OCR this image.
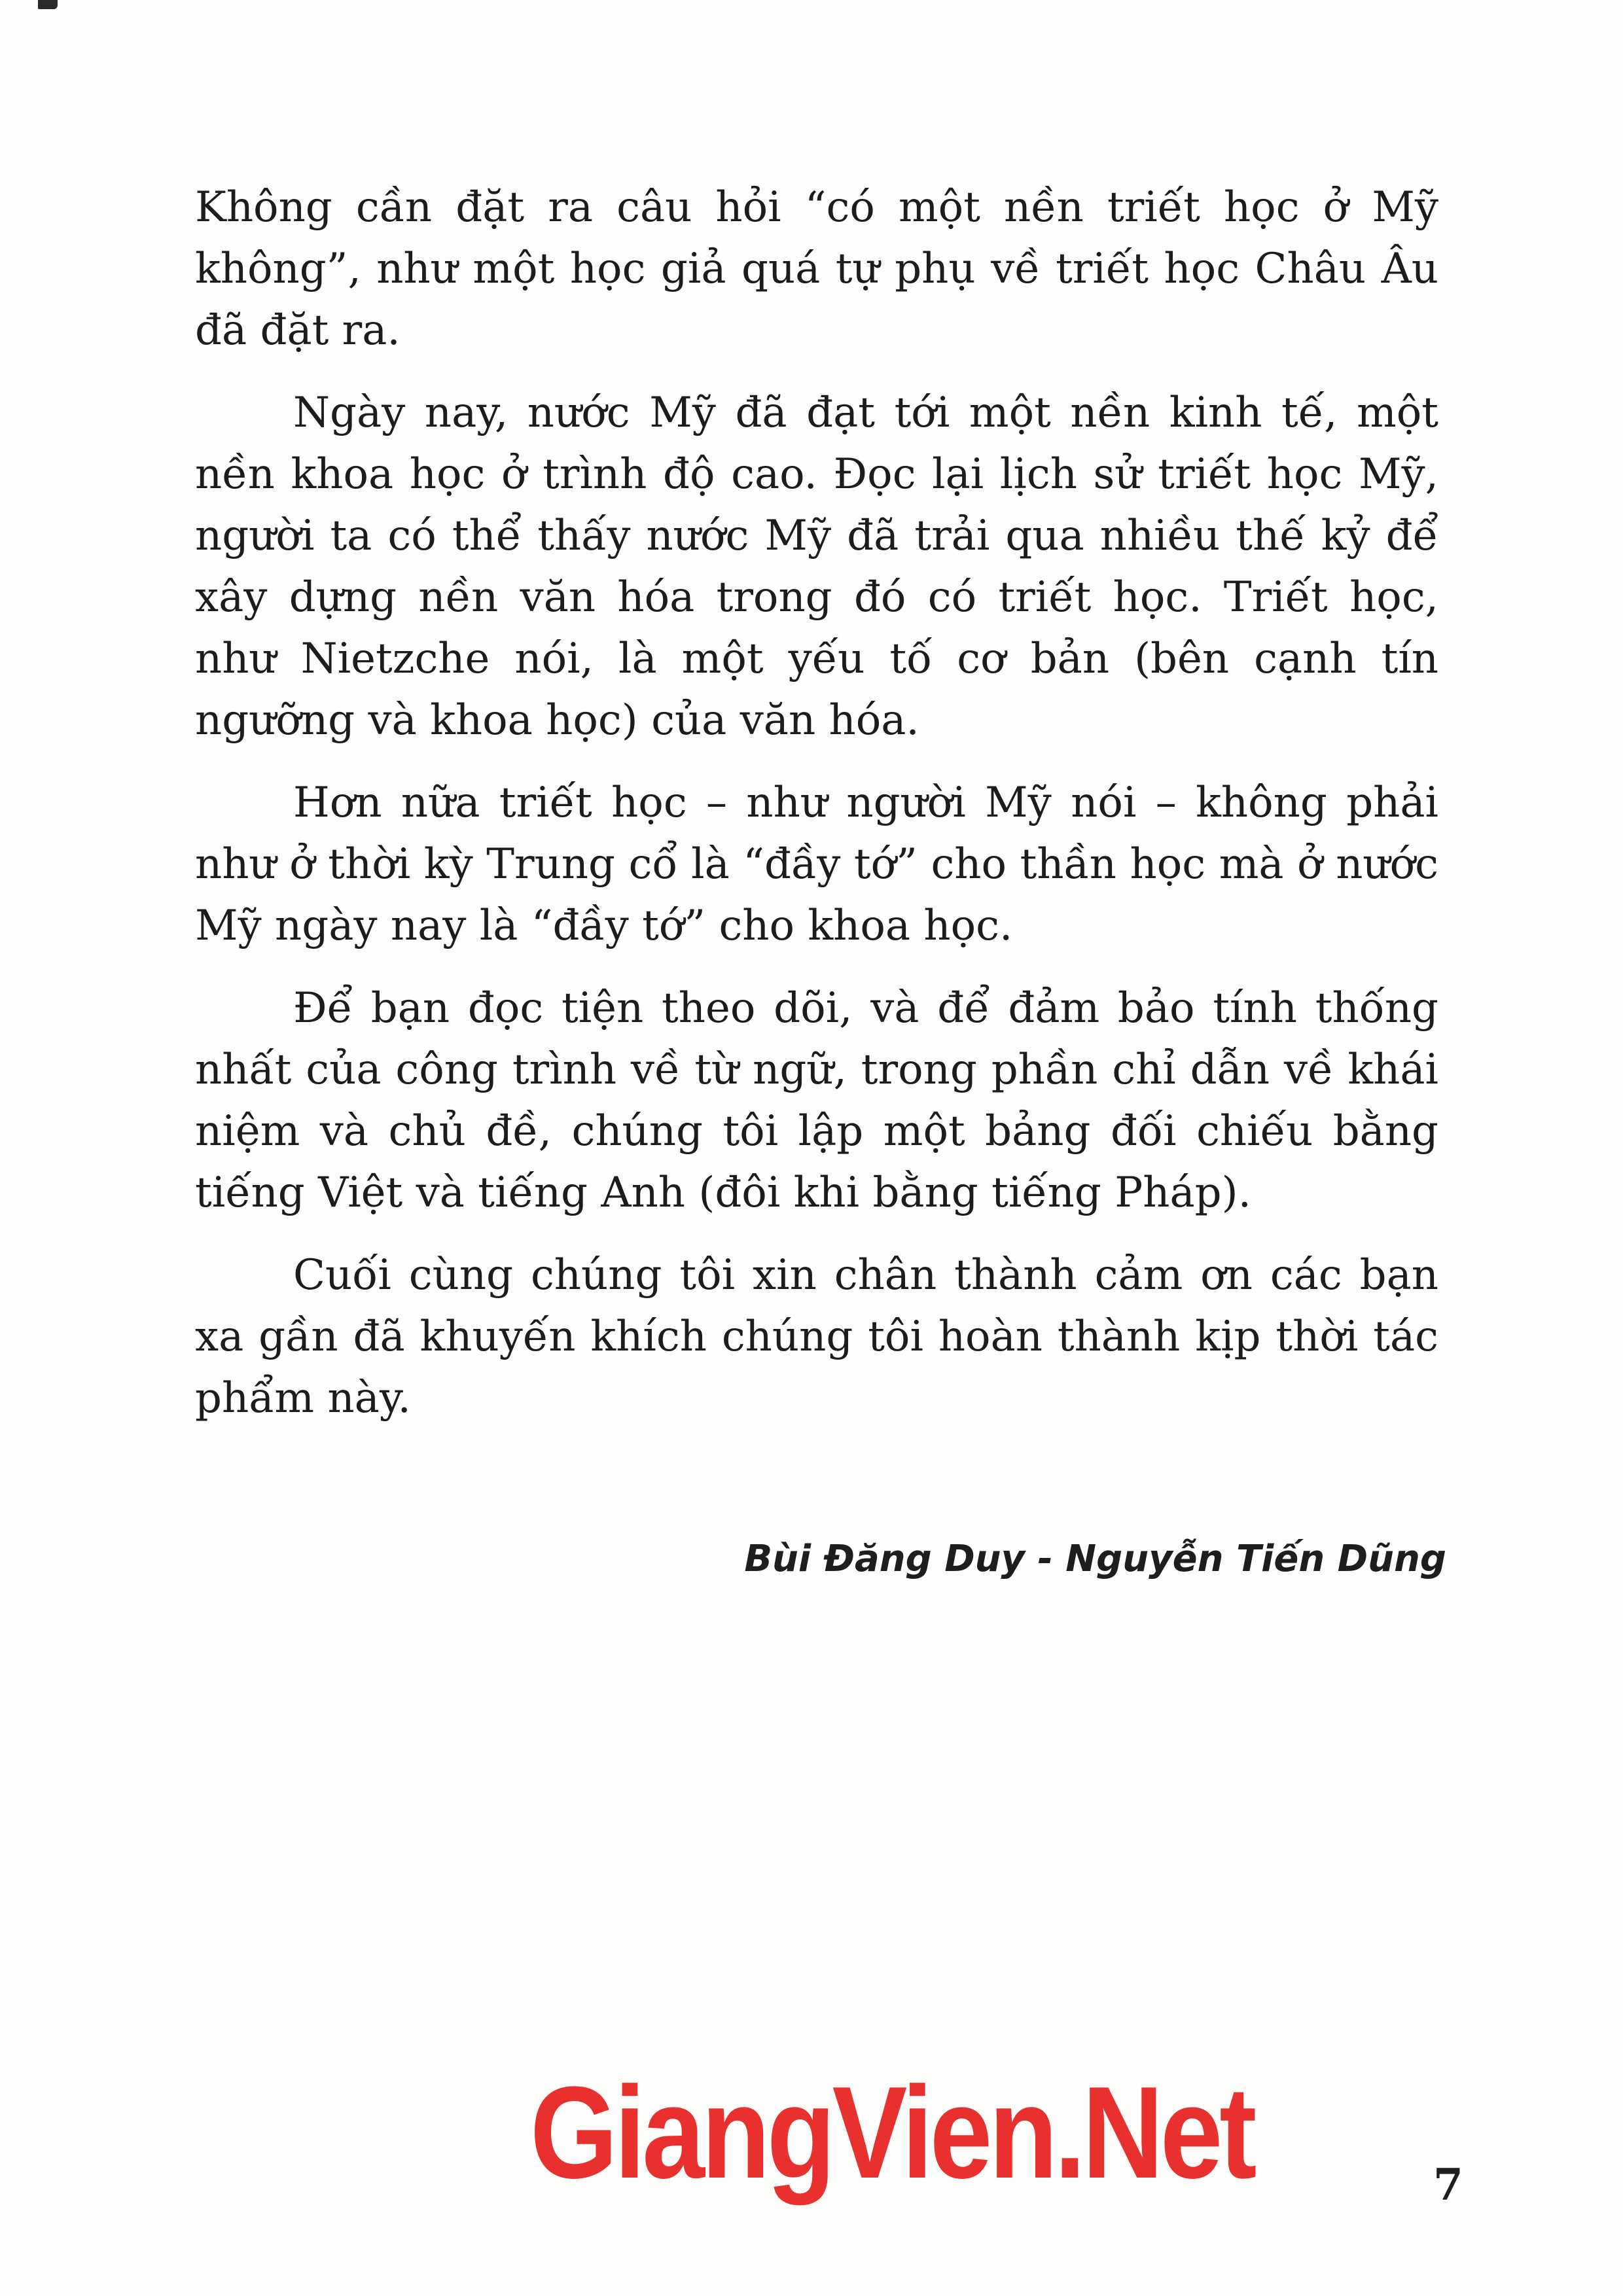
Không cần đặt ra câu hỏi “có một nền triết học ở Mỹ không”, như một học giả quá tự phụ về triết học Châu Âu đã đặt ra.

Ngày nay, nước Mỹ đã đạt tới một nền kinh tế, một nền khoa học ở trình độ cao. Đọc lại lịch sử triết học Mỹ, người ta có thể thấy nước Mỹ đã trải qua nhiều thế kỷ để xây dựng nền văn hóa trong đó có triết học. Triết học, như Nietzche nói, là một yếu tố cơ bản (bên cạnh tín ngưỡng và khoa học) của văn hóa.

Hơn nữa triết học – như người Mỹ nói – không phải như ở thời kỳ Trung cổ là “đầy tớ” cho thần học mà ở nước Mỹ ngày nay là “đầy tớ” cho khoa học.

Để bạn đọc tiện theo dõi, và để đảm bảo tính thống nhất của công trình về từ ngữ, trong phần chỉ dẫn về khái niệm và chủ đề, chúng tôi lập một bảng đối chiếu bằng tiếng Việt và tiếng Anh (đôi khi bằng tiếng Pháp).

Cuối cùng chúng tôi xin chân thành cảm ơn các bạn xa gần đã khuyến khích chúng tôi hoàn thành kịp thời tác phẩm này.

Bùi Đăng Duy - Nguyễn Tiến Dũng
GiangVien.Net	7
